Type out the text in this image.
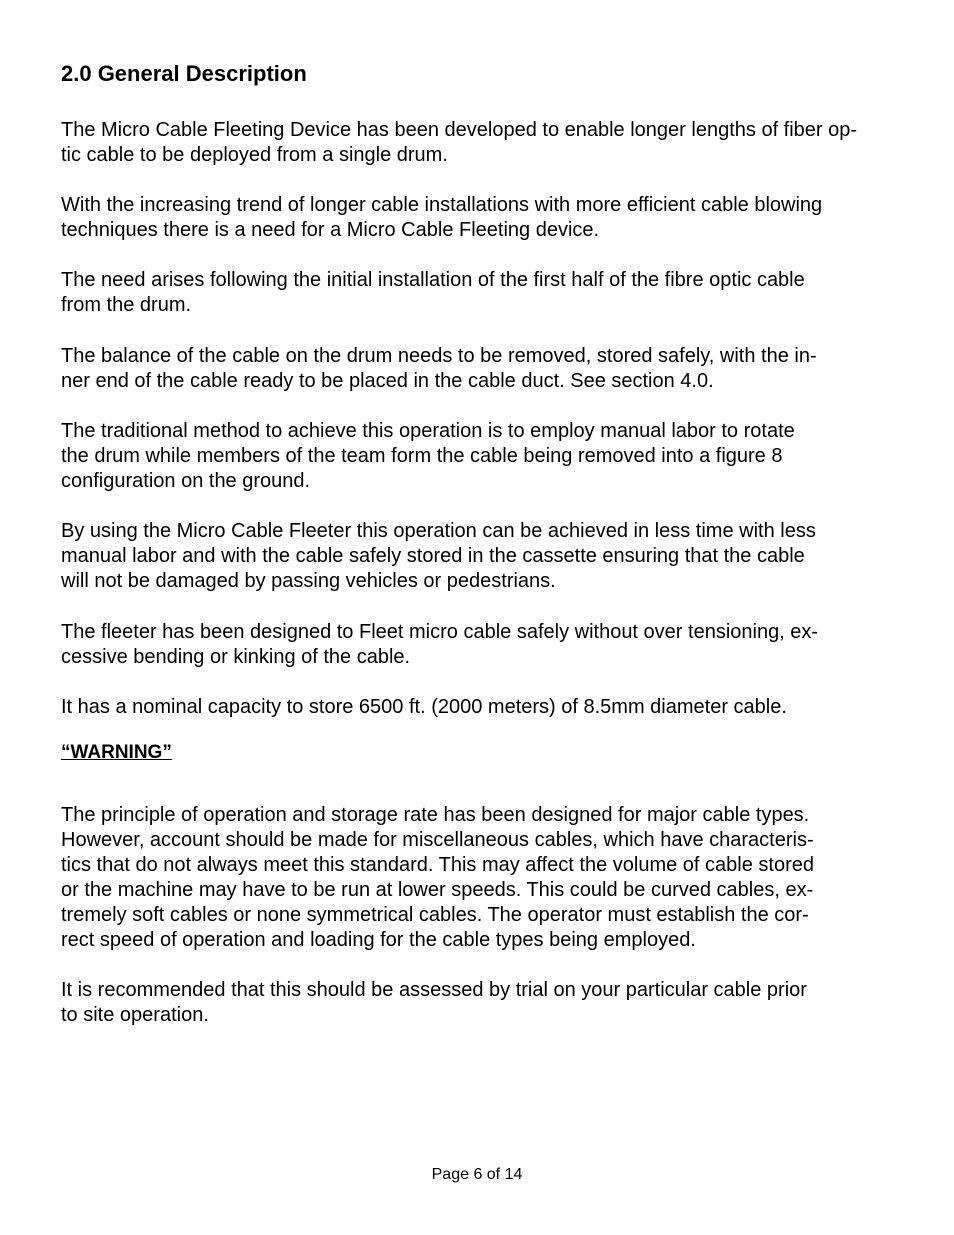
2.0 General Description

The Micro Cable Fleeting Device has been developed to enable longer lengths of fiber op-
tic cable to be deployed from a single drum.

With the increasing trend of longer cable installations with more efficient cable blowing
techniques there is a need for a Micro Cable Fleeting device.

The need arises following the initial installation of the first half of the fibre optic cable
from the drum.

The balance of the cable on the drum needs to be removed, stored safely, with the in-
ner end of the cable ready to be placed in the cable duct. See section 4.0.

The traditional method to achieve this operation is to employ manual labor to rotate
the drum while members of the team form the cable being removed into a figure 8
configuration on the ground.

By using the Micro Cable Fleeter this operation can be achieved in less time with less
manual labor and with the cable safely stored in the cassette ensuring that the cable
will not be damaged by passing vehicles or pedestrians.

The fleeter has been designed to Fleet micro cable safely without over tensioning, ex-
cessive bending or kinking of the cable.

It has a nominal capacity to store 6500 ft. (2000 meters) of 8.5mm diameter cable.

“WARNING”

The principle of operation and storage rate has been designed for major cable types.
However, account should be made for miscellaneous cables, which have characteris-
tics that do not always meet this standard. This may affect the volume of cable stored
or the machine may have to be run at lower speeds. This could be curved cables, ex-
tremely soft cables or none symmetrical cables. The operator must establish the cor-
rect speed of operation and loading for the cable types being employed.

It is recommended that this should be assessed by trial on your particular cable prior
to site operation.

Page 6 of 14
